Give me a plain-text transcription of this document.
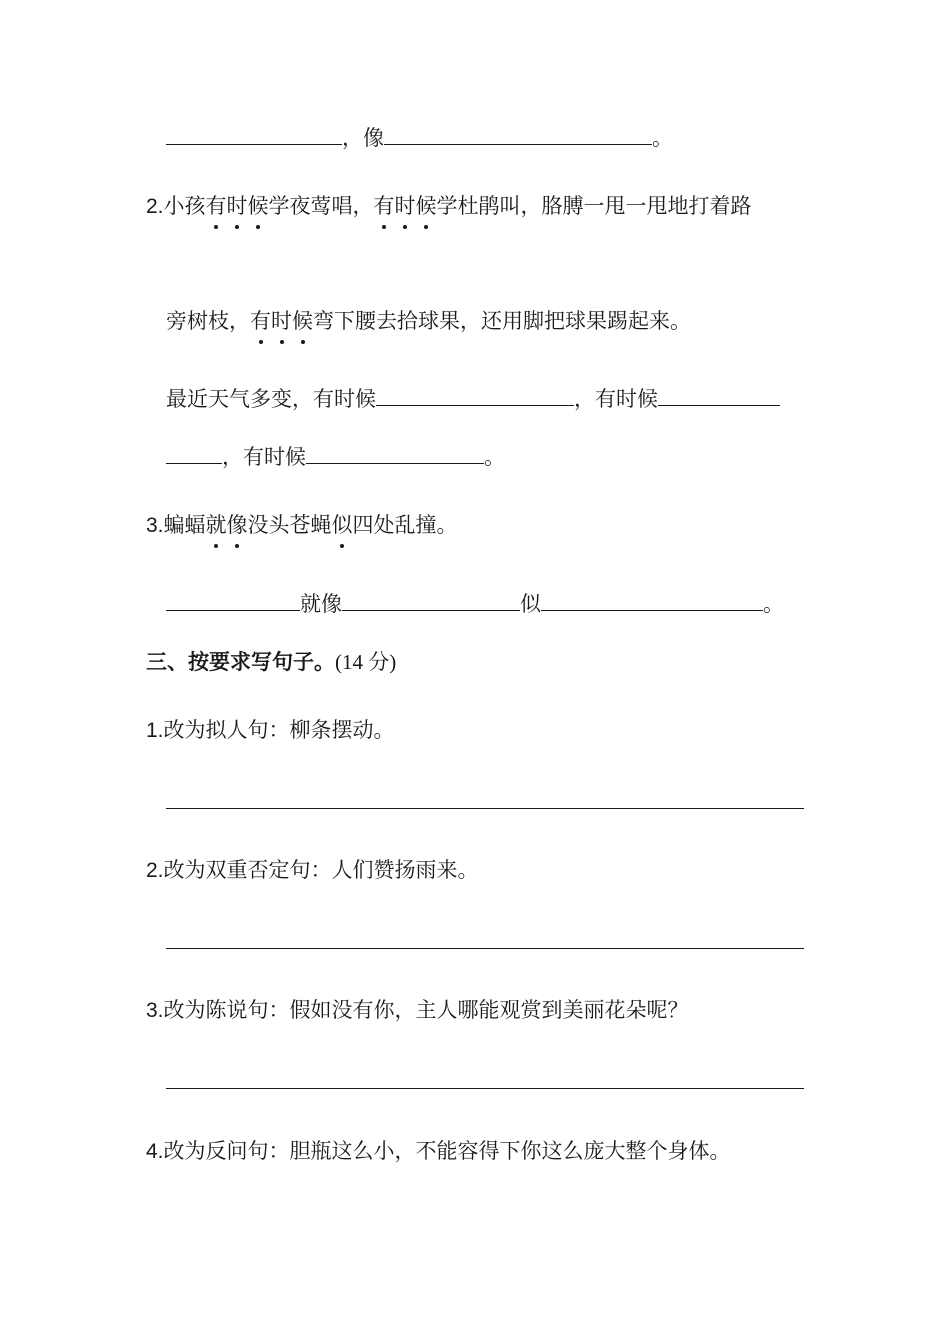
，像	。
2.小孩有时候学夜莺唱，有时候学杜鹃叫，胳膊一甩一甩地打着路
旁树枝，有时候弯下腰去拾球果，还用脚把球果踢起来。
最近天气多变，有时候	，有时候
，有时候	。
3.蝙蝠就像没头苍蝇似四处乱撞。
就像	似	。
三、按要求写句子。(14 分)
1.改为拟人句：柳条摆动。
2.改为双重否定句：人们赞扬雨来。
3.改为陈说句：假如没有你，主人哪能观赏到美丽花朵呢？
4.改为反问句：胆瓶这么小，不能容得下你这么庞大整个身体。
